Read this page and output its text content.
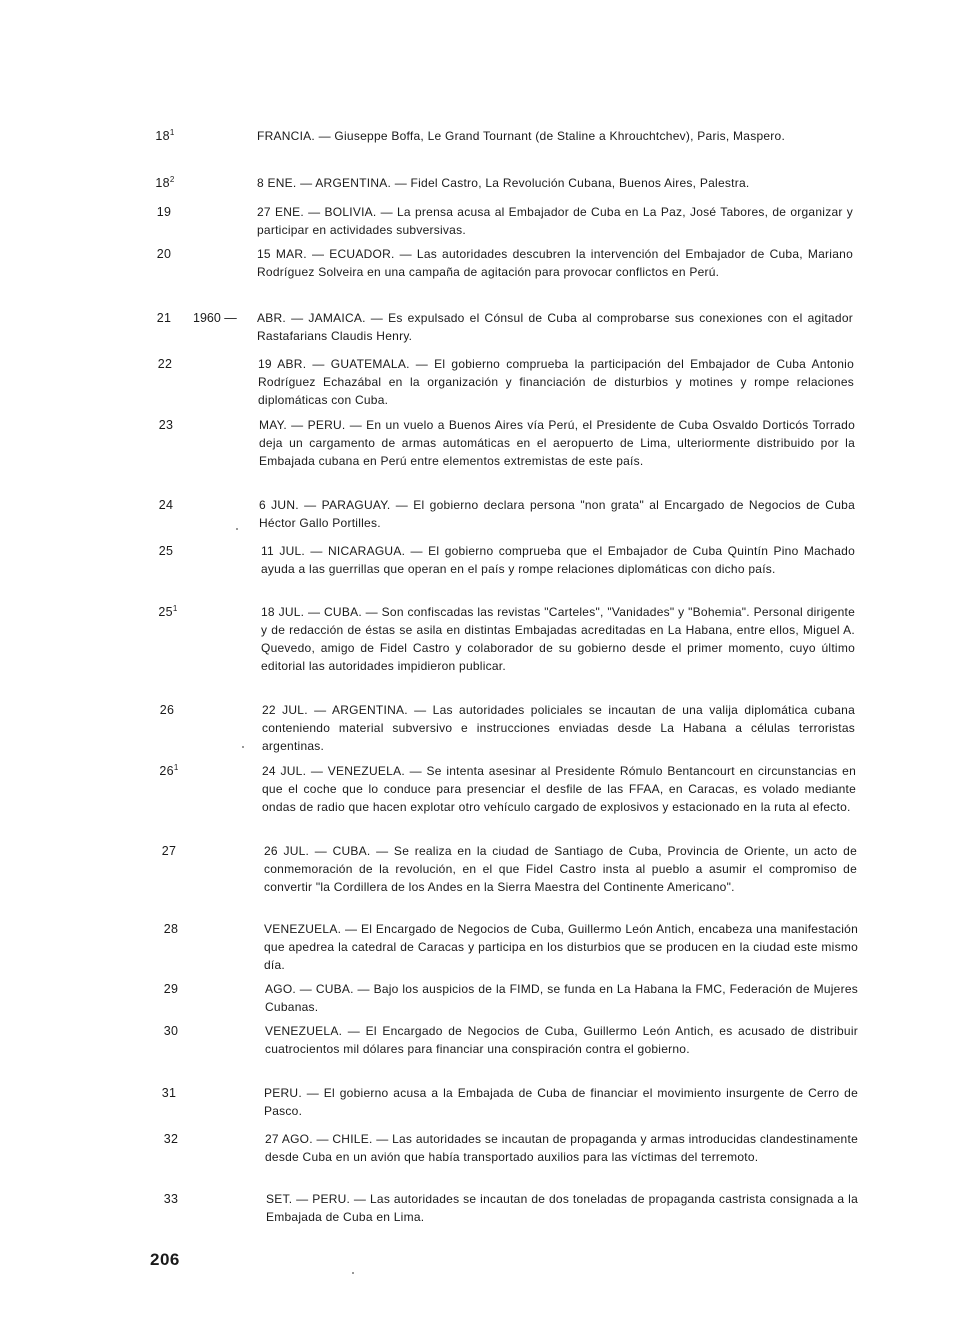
$18^1$	FRANCIA. — Giuseppe Boffa, Le Grand Tournant (de Staline a Khrouchtchev), Paris, Maspero.
$18^2$	8 ENE. — ARGENTINA. — Fidel Castro, La Revolución Cubana, Buenos Aires, Palestra.
19	27 ENE. — BOLIVIA. — La prensa acusa al Embajador de Cuba en La Paz, José Tabores, de organizar y participar en actividades subversivas.
20	15 MAR. — ECUADOR. — Las autoridades descubren la intervención del Embajador de Cuba, Mariano Rodríguez Solveira en una campaña de agitación para provocar conflictos en Perú.
21	1960 — ABR. — JAMAICA. — Es expulsado el Cónsul de Cuba al comprobarse sus conexiones con el agitador Rastafarians Claudis Henry.
22	19 ABR. — GUATEMALA. — El gobierno comprueba la participación del Embajador de Cuba Antonio Rodríguez Echazábal en la organización y financiación de disturbios y motines y rompe relaciones diplomáticas con Cuba.
23	MAY. — PERU. — En un vuelo a Buenos Aires vía Perú, el Presidente de Cuba Osvaldo Dorticós Torrado deja un cargamento de armas automáticas en el aeropuerto de Lima, ulteriormente distribuido por la Embajada cubana en Perú entre elementos extremistas de este país.
24	6 JUN. — PARAGUAY. — El gobierno declara persona "non grata" al Encargado de Negocios de Cuba Héctor Gallo Portilles.
25	11 JUL. — NICARAGUA. — El gobierno comprueba que el Embajador de Cuba Quintín Pino Machado ayuda a las guerrillas que operan en el país y rompe relaciones diplomáticas con dicho país.
$25^1$	18 JUL. — CUBA. — Son confiscadas las revistas "Carteles", "Vanidades" y "Bohemia". Personal dirigente y de redacción de éstas se asila en distintas Embajadas acreditadas en La Habana, entre ellos, Miguel A. Quevedo, amigo de Fidel Castro y colaborador de su gobierno desde el primer momento, cuyo último editorial las autoridades impidieron publicar.
26	22 JUL. — ARGENTINA. — Las autoridades policiales se incautan de una valija diplomática cubana conteniendo material subversivo e instrucciones enviadas desde La Habana a células terroristas argentinas.
$26^1$	24 JUL. — VENEZUELA. — Se intenta asesinar al Presidente Rómulo Bentancourt en circunstancias en que el coche que lo conduce para presenciar el desfile de las FFAA, en Caracas, es volado mediante ondas de radio que hacen explotar otro vehículo cargado de explosivos y estacionado en la ruta al efecto.
27	26 JUL. — CUBA. — Se realiza en la ciudad de Santiago de Cuba, Provincia de Oriente, un acto de conmemoración de la revolución, en el que Fidel Castro insta al pueblo a asumir el compromiso de convertir "la Cordillera de los Andes en la Sierra Maestra del Continente Americano".
28	VENEZUELA. — El Encargado de Negocios de Cuba, Guillermo León Antich, encabeza una manifestación que apedrea la catedral de Caracas y participa en los disturbios que se producen en la ciudad este mismo día.
29	AGO. — CUBA. — Bajo los auspicios de la FIMD, se funda en La Habana la FMC, Federación de Mujeres Cubanas.
30	VENEZUELA. — El Encargado de Negocios de Cuba, Guillermo León Antich, es acusado de distribuir cuatrocientos mil dólares para financiar una conspiración contra el gobierno.
31	PERU. — El gobierno acusa a la Embajada de Cuba de financiar el movimiento insurgente de Cerro de Pasco.
32	27 AGO. — CHILE. — Las autoridades se incautan de propaganda y armas introducidas clandestinamente desde Cuba en un avión que había transportado auxilios para las víctimas del terremoto.
33	SET. — PERU. — Las autoridades se incautan de dos toneladas de propaganda castrista consignada a la Embajada de Cuba en Lima.
206
